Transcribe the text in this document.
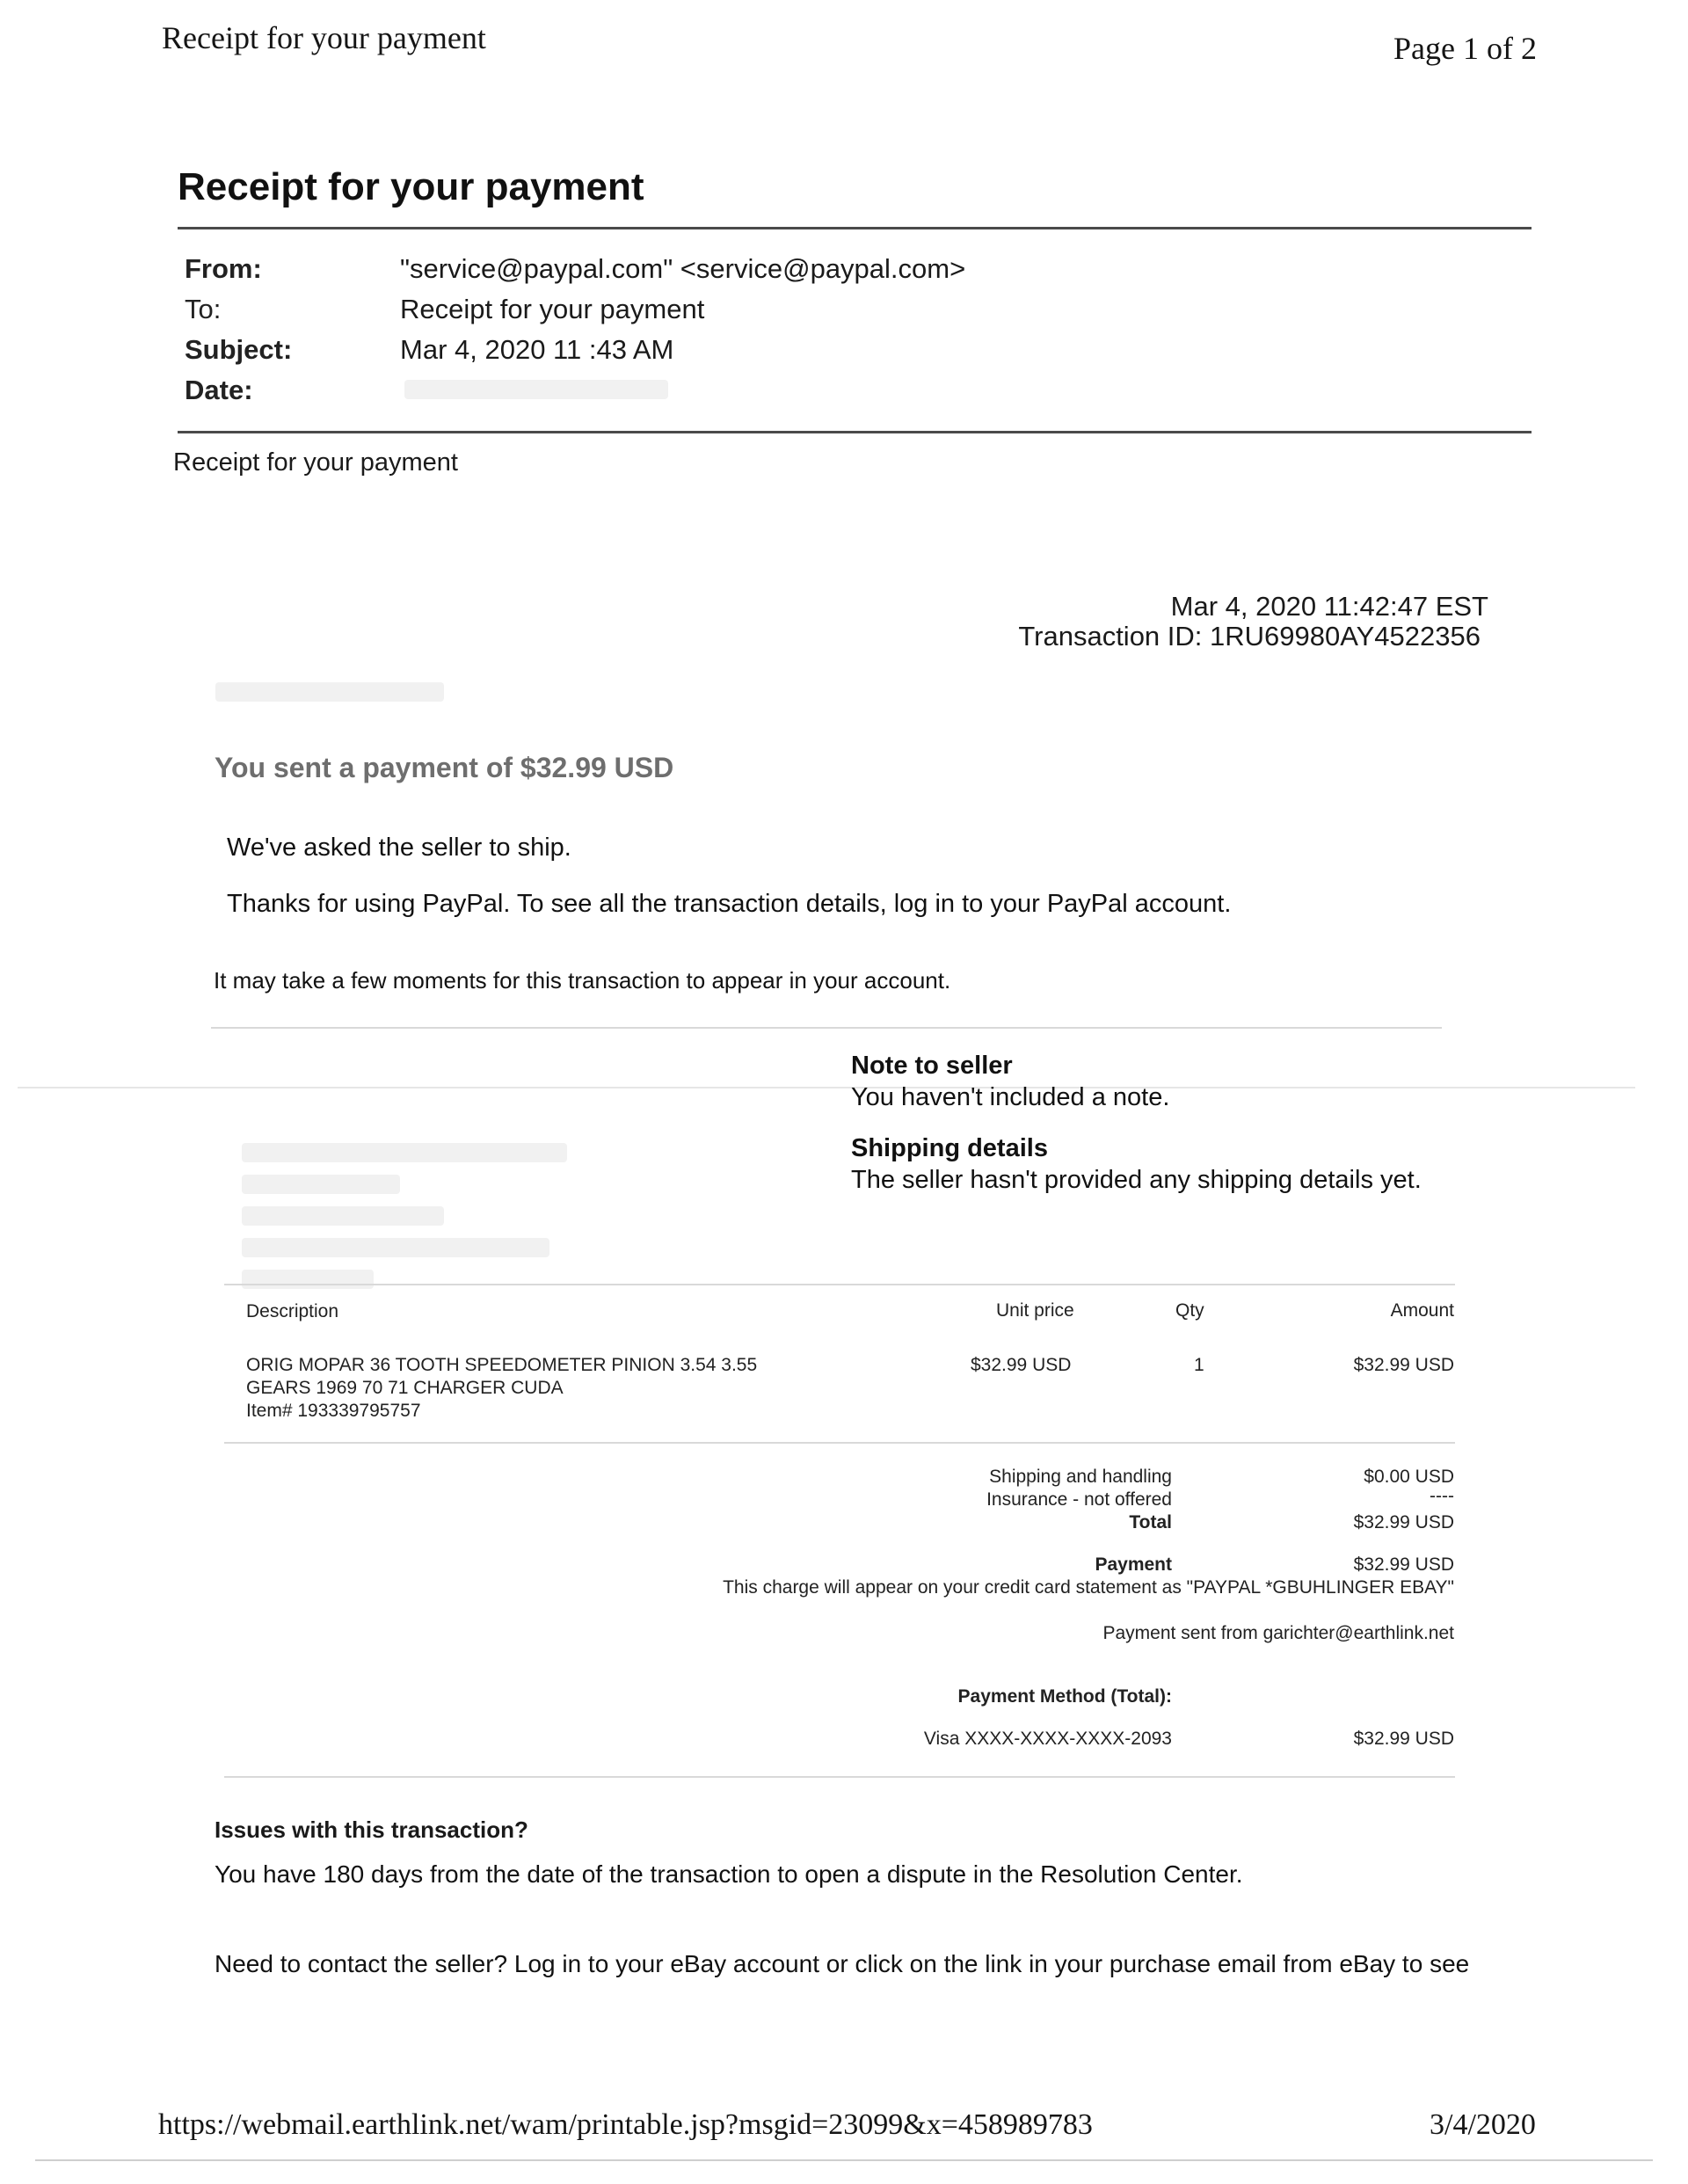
Receipt for your payment	Page 1 of 2

Receipt for your payment
From:	"service@paypal.com" <service@paypal.com>
To:	Receipt for your payment
Subject:	Mar 4, 2020 11 :43 AM
Date:
Receipt for your payment

Mar 4, 2020 11:42:47 EST

Transaction ID: 1RU69980AY4522356

You sent a payment of $32.99 USD

We've asked the seller to ship.

Thanks for using PayPal. To see all the transaction details, log in to your PayPal account.

It may take a few moments for this transaction to appear in your account.

Note to seller

You haven't included a note.

Shipping details

The seller hasn't provided any shipping details yet.

Description	Unit price	Qty	Amount
ORIG MOPAR 36 TOOTH SPEEDOMETER PINION 3.54 3.55
GEARS 1969 70 71 CHARGER CUDA
Item# 193339795757
$32.99 USD	1	$32.99 USD
Shipping and handling	$0.00 USD
Insurance - not offered	----
Total	$32.99 USD
Payment	$32.99 USD
This charge will appear on your credit card statement as "PAYPAL *GBUHLINGER EBAY"
Payment sent from garichter@earthlink.net
Payment Method (Total):
Visa XXXX-XXXX-XXXX-2093	$32.99 USD

Issues with this transaction?

You have 180 days from the date of the transaction to open a dispute in the Resolution Center.

Need to contact the seller? Log in to your eBay account or click on the link in your purchase email from eBay to see

https://webmail.earthlink.net/wam/printable.jsp?msgid=23099&x=458989783	3/4/2020
